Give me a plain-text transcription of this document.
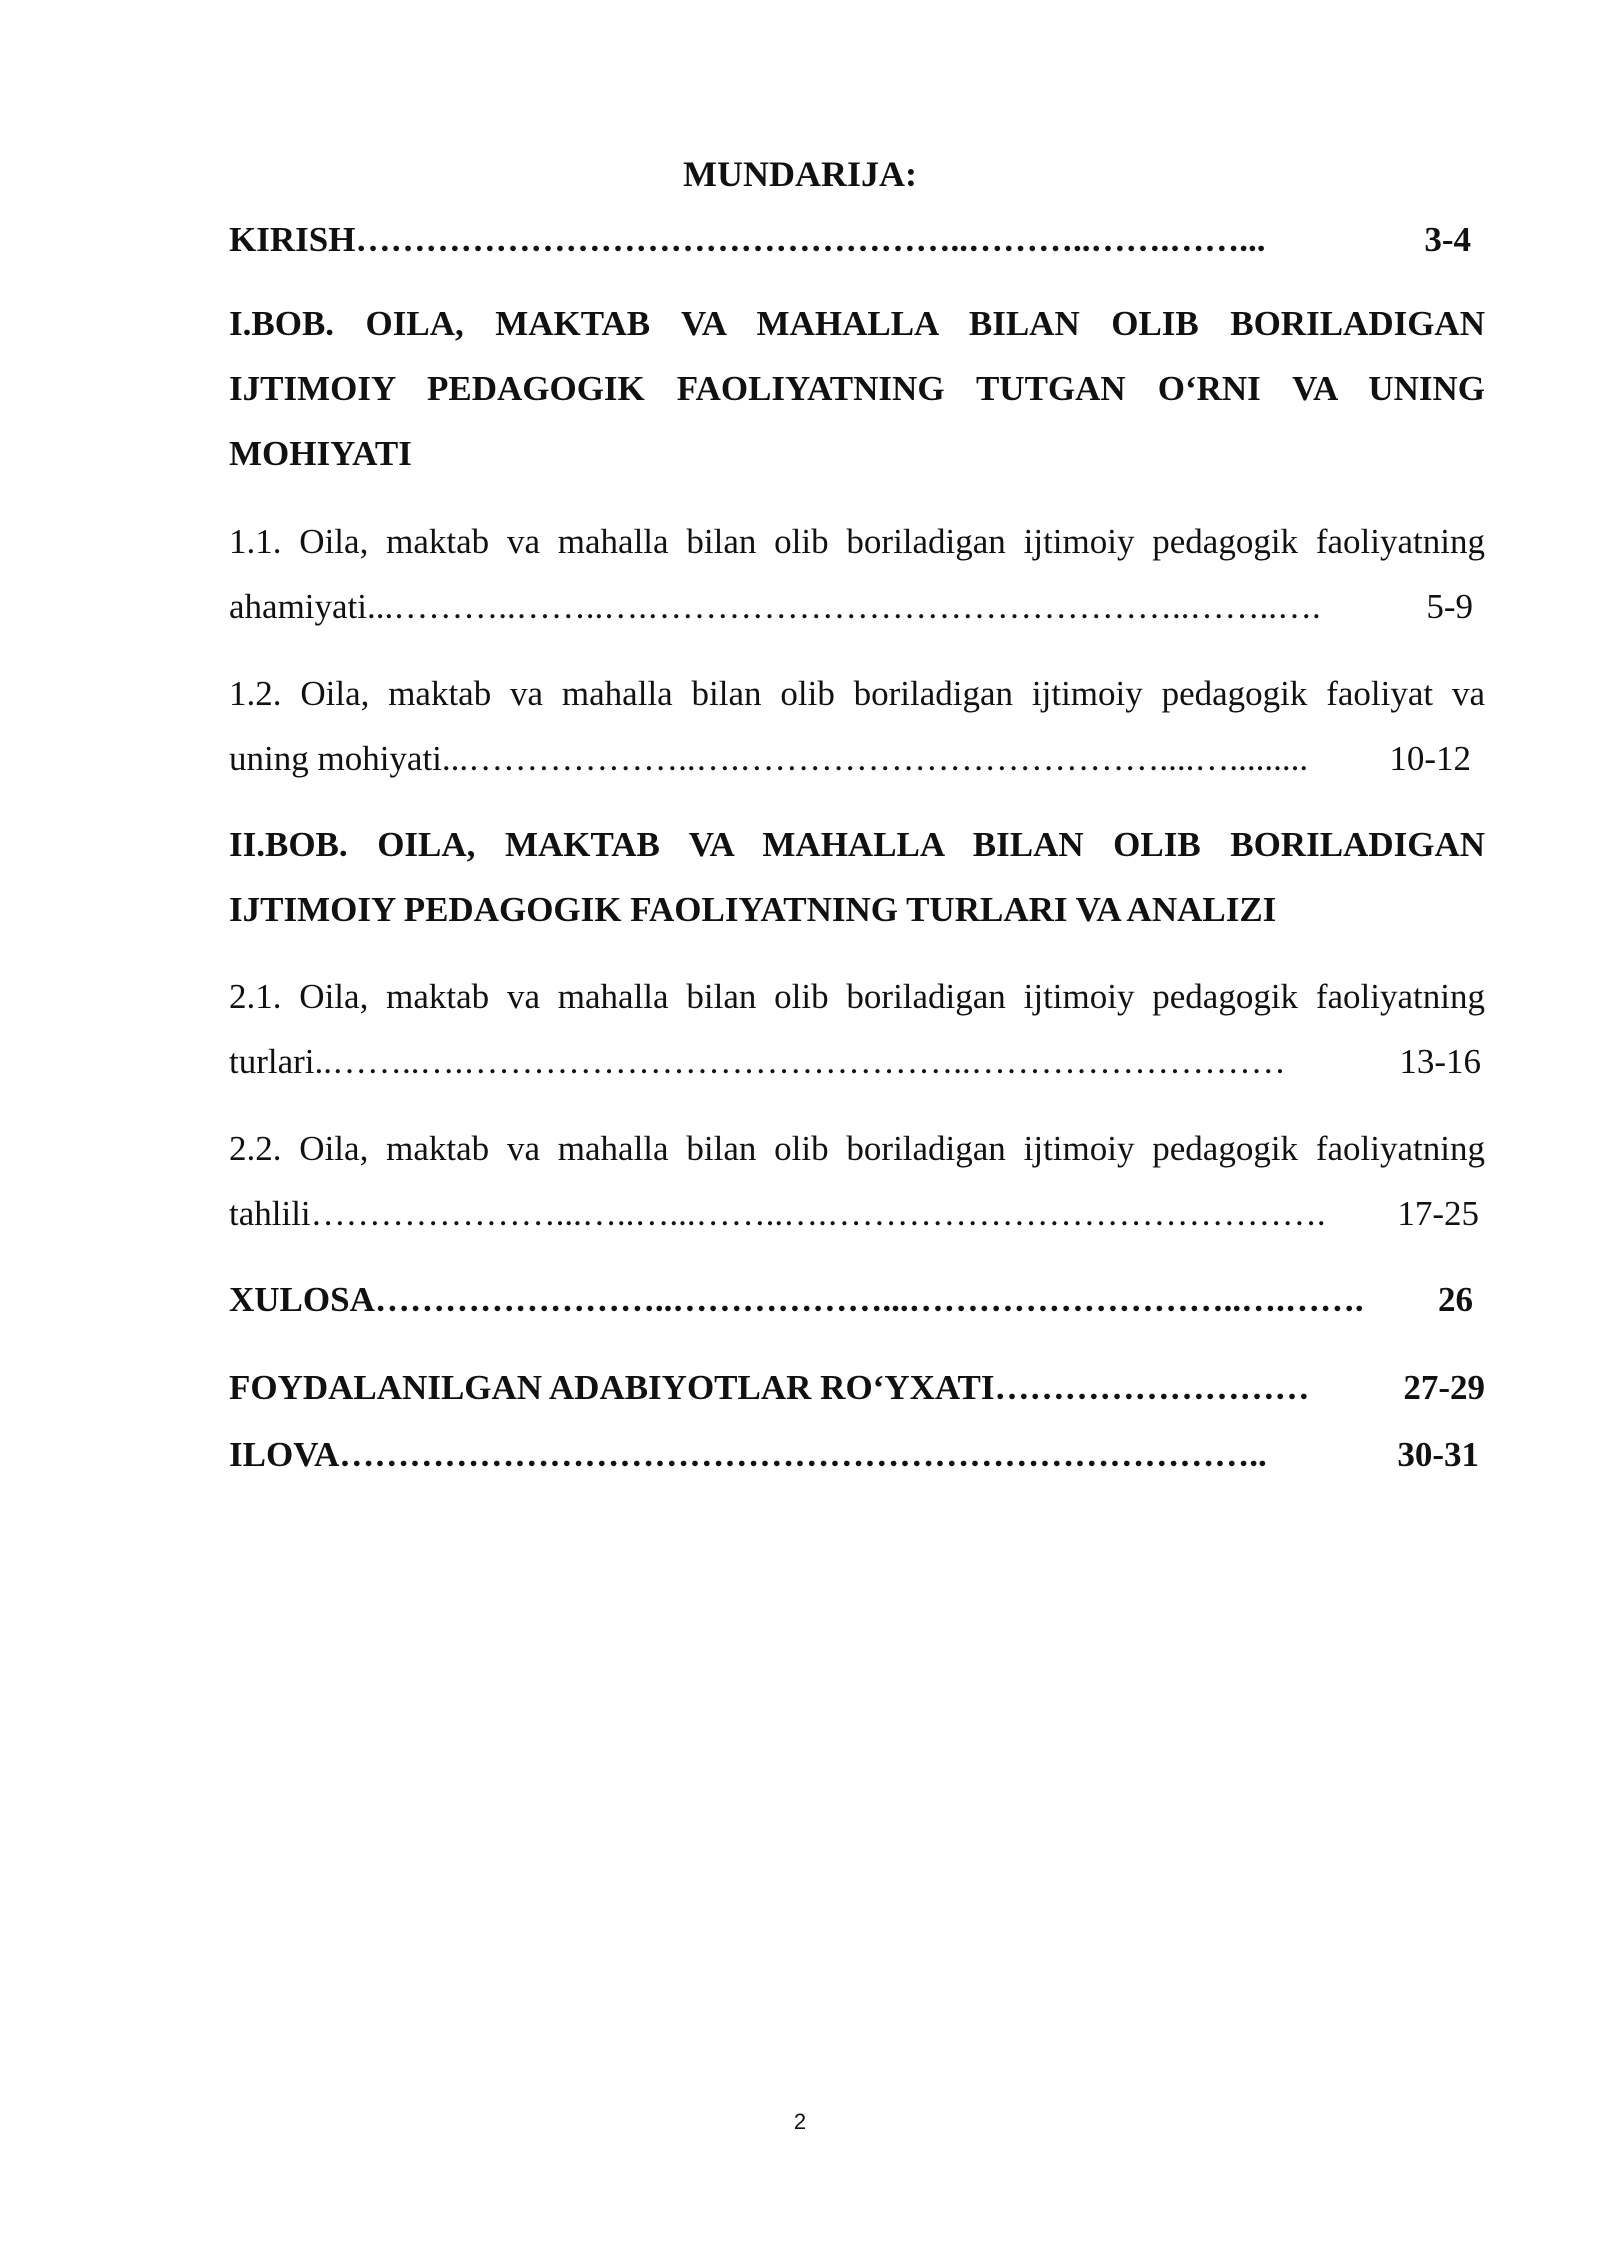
MUNDARIJA:
KIRISH ……………………………………………..………..…….……...	3-4
I.BOB. OILA, MAKTAB VA MAHALLA BILAN OLIB BORILADIGAN
IJTIMOIY PEDAGOGIK FAOLIYATNING TUTGAN O‘RNI VA UNING
MOHIYATI
1.1. Oila, maktab va mahalla bilan olib boriladigan ijtimoiy pedagogik faoliyatning
ahamiyati ...………..……..….………………………………………..……..….	5-9
1.2. Oila, maktab va mahalla bilan olib boriladigan ijtimoiy pedagogik faoliyat va
uning mohiyati ...………………..….………………………………....….........	10-12
II.BOB. OILA, MAKTAB VA MAHALLA BILAN OLIB BORILADIGAN
IJTIMOIY PEDAGOGIK FAOLIYATNING TURLARI VA ANALIZI
2.1. Oila, maktab va mahalla bilan olib boriladigan ijtimoiy pedagogik faoliyatning
turlari ..……..….……………………………………..………………………	13-16
2.2. Oila, maktab va mahalla bilan olib boriladigan ijtimoiy pedagogik faoliyatning
tahlili …………………...…..…...……..….…………………………………….	17-25
XULOSA ……………………..………………...………………………..….…….	26
FOYDALANILGAN ADABIYOTLAR RO‘YXATI ………………………	27-29
ILOVA ……………………………………………………………………..	30-31
2
